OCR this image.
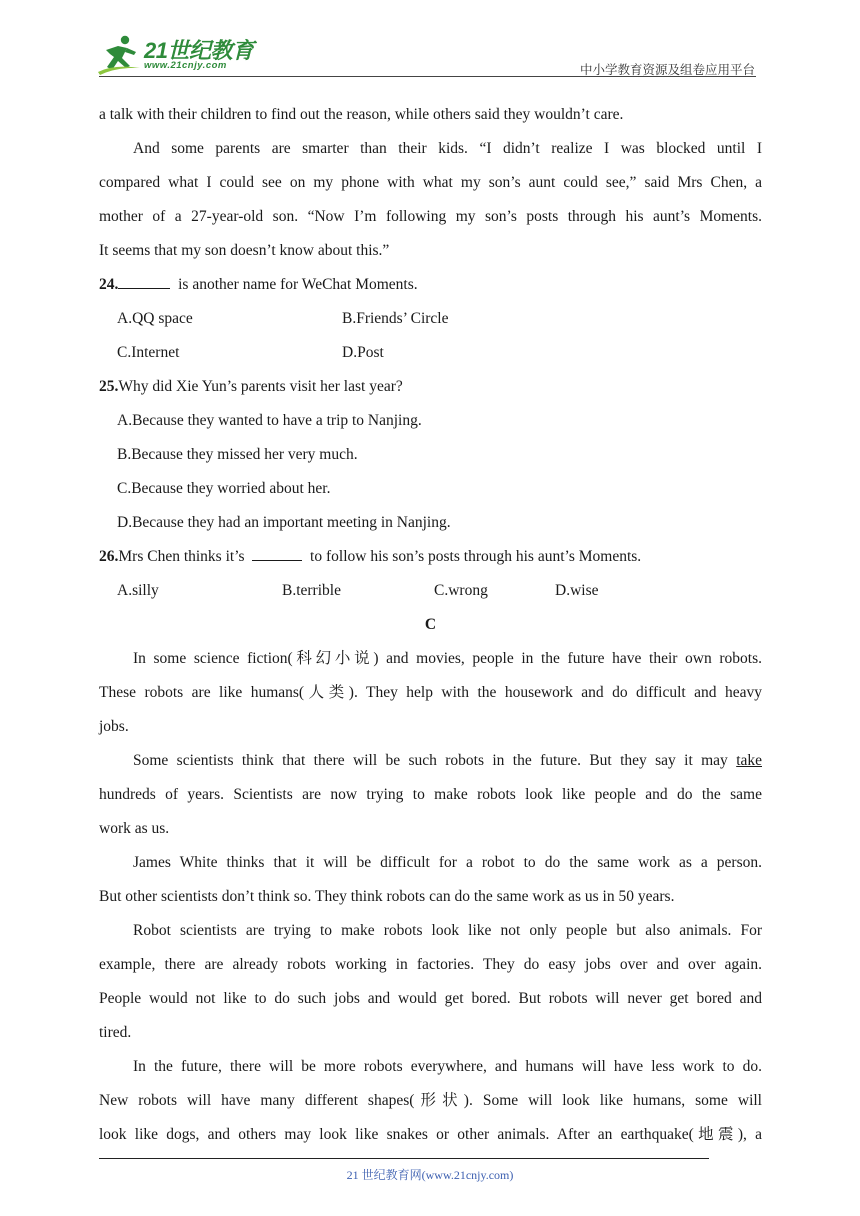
21世纪教育
www.21cnjy.com	中小学教育资源及组卷应用平台
a talk with their children to find out the reason, while others said they wouldn’t care.
And some parents are smarter than their kids. “I didn’t realize I was blocked until I
compared what I could see on my phone with what my son’s aunt could see,” said Mrs Chen, a
mother of a 27-year-old son. “Now I’m following my son’s posts through his aunt’s Moments.
It seems that my son doesn’t know about this.”
24.	is another name for WeChat Moments.
A.QQ space	B.Friends’ Circle
C.Internet	D.Post
25.Why did Xie Yun’s parents visit her last year?
A.Because they wanted to have a trip to Nanjing.
B.Because they missed her very much.
C.Because they worried about her.
D.Because they had an important meeting in Nanjing.
26.Mrs Chen thinks it’s	to follow his son’s posts through his aunt’s Moments.
A.silly	B.terrible	C.wrong	D.wise
C
In some science fiction(科幻小说) and movies, people in the future have their own robots.
These robots are like humans(人类). They help with the housework and do difficult and heavy
jobs.
Some scientists think that there will be such robots in the future. But they say it may take
hundreds of years. Scientists are now trying to make robots look like people and do the same
work as us.
James White thinks that it will be difficult for a robot to do the same work as a person.
But other scientists don’t think so. They think robots can do the same work as us in 50 years.
Robot scientists are trying to make robots look like not only people but also animals. For
example, there are already robots working in factories. They do easy jobs over and over again.
People would not like to do such jobs and would get bored. But robots will never get bored and
tired.
In the future, there will be more robots everywhere, and humans will have less work to do.
New robots will have many different shapes(形状). Some will look like humans, some will
look like dogs, and others may look like snakes or other animals. After an earthquake(地震), a
21 世纪教育网(www.21cnjy.com)
